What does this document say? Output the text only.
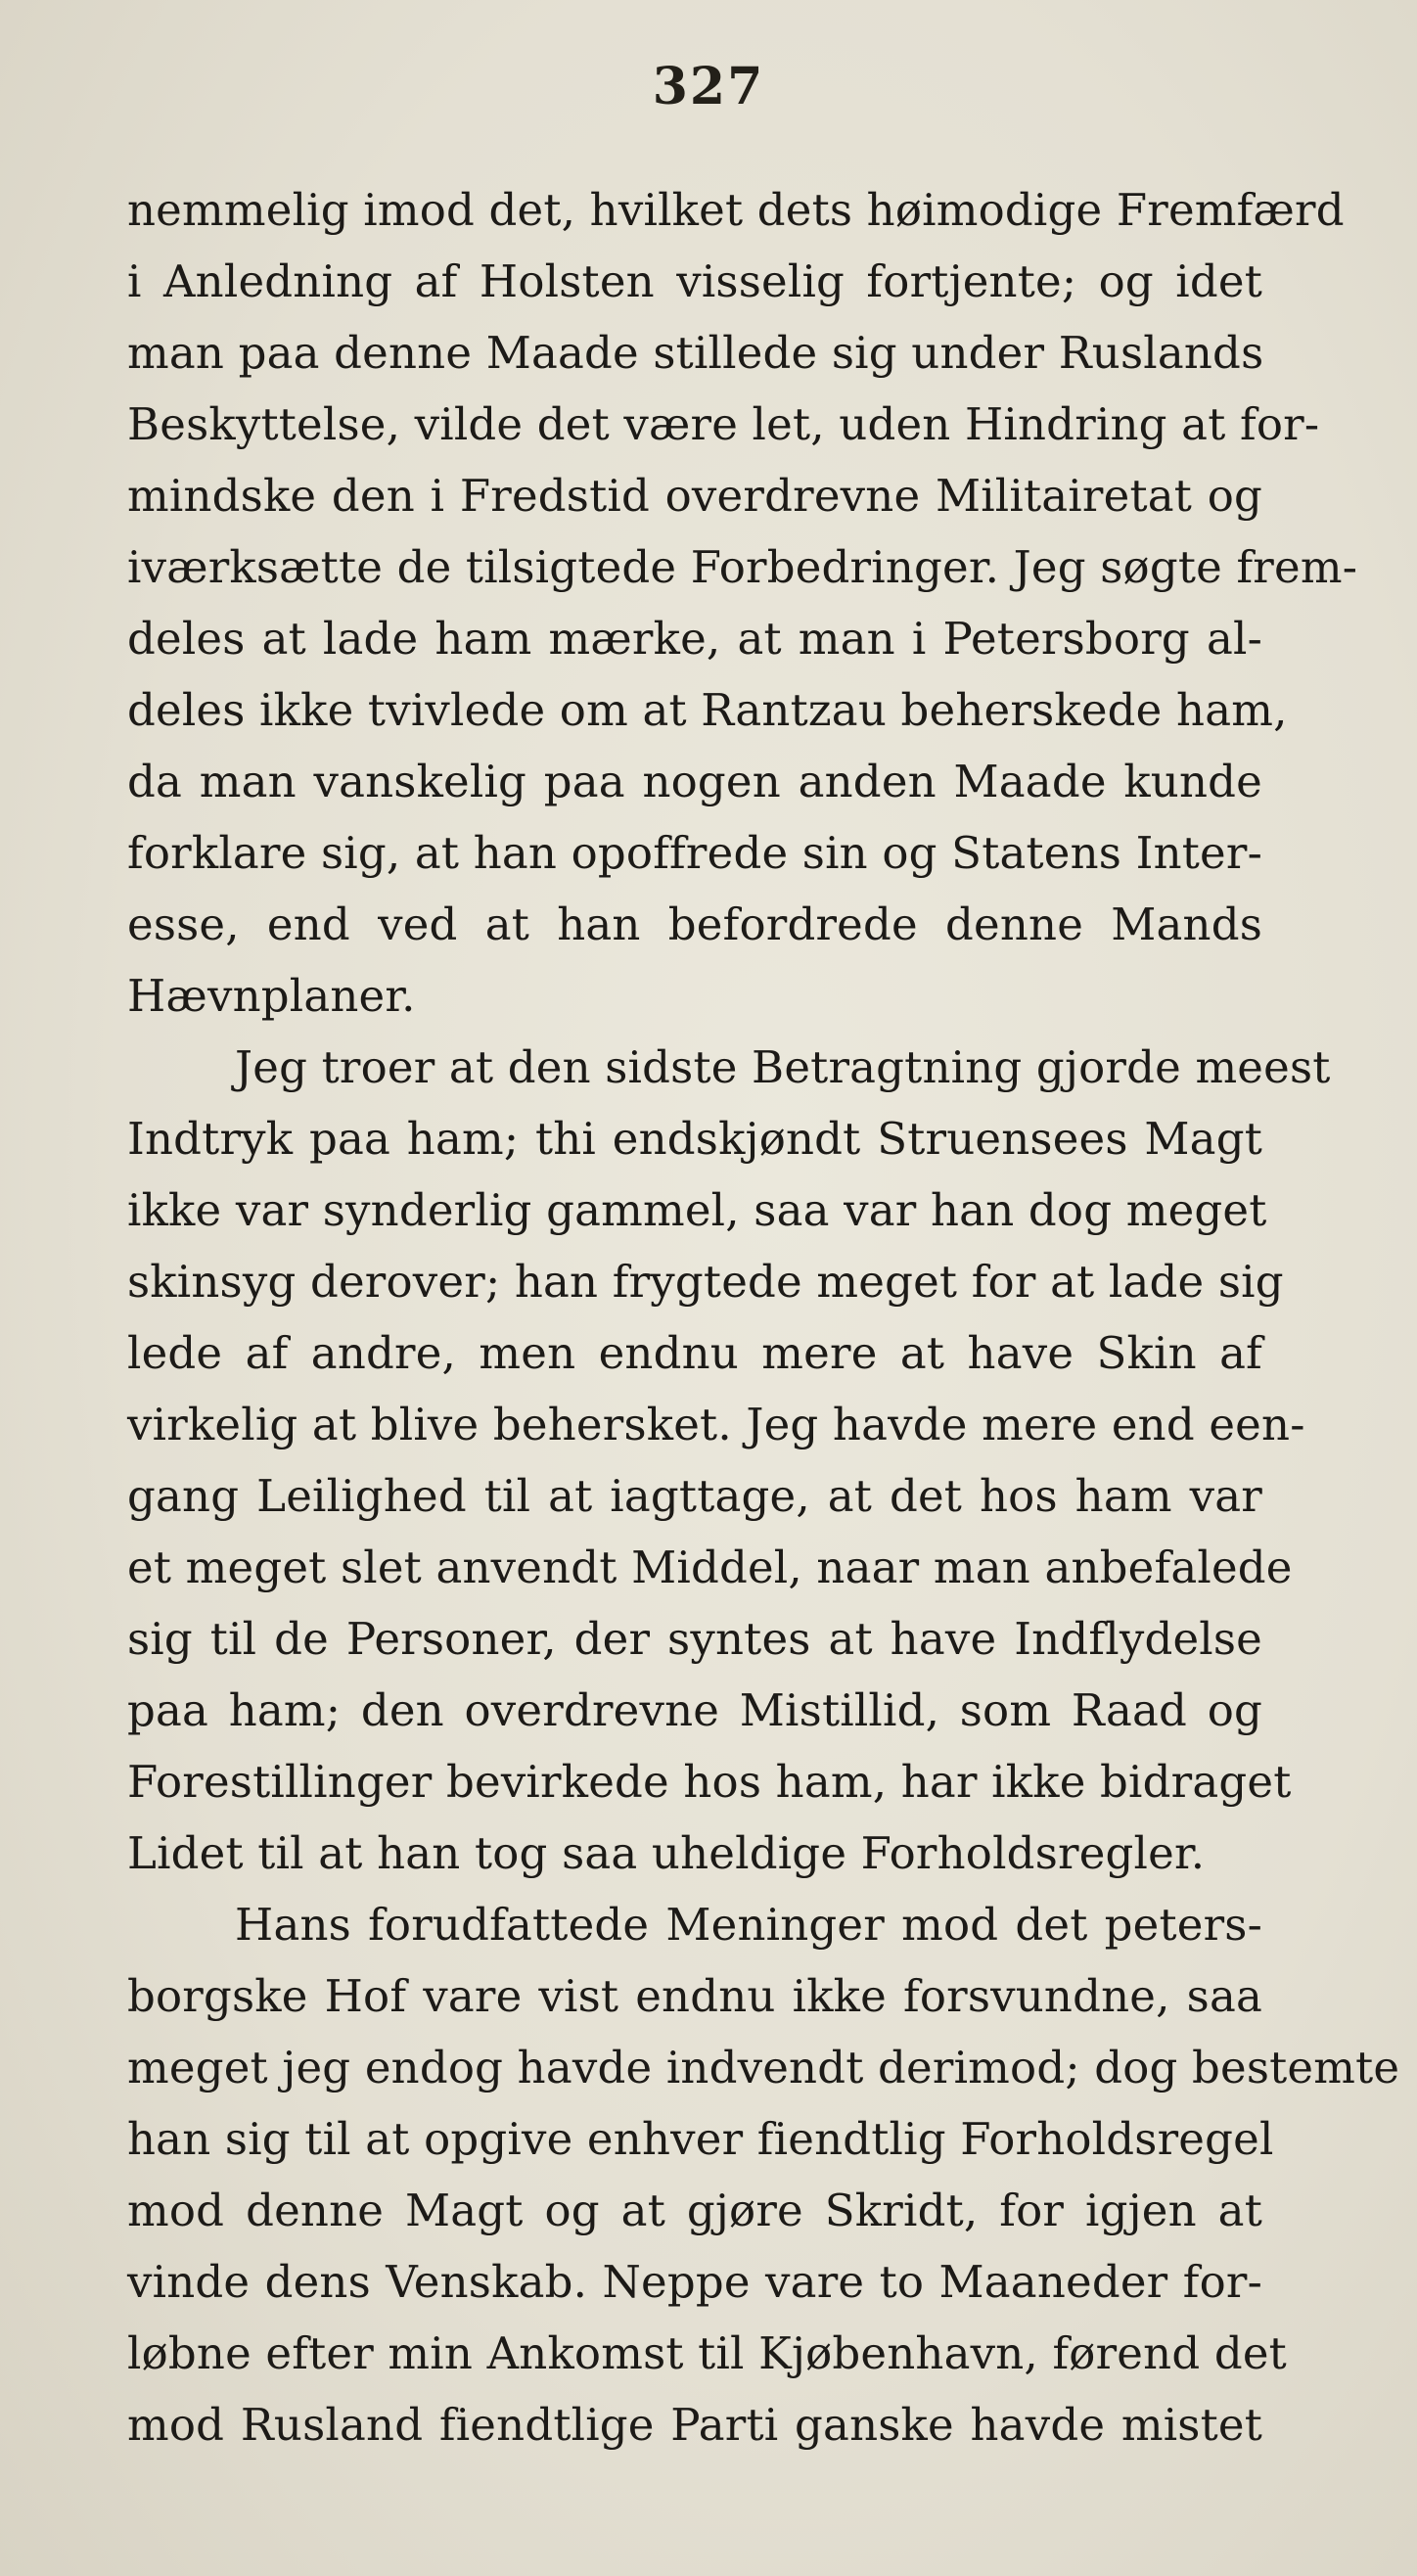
327
nemmelig imod det, hvilket dets høimodige Fremfærd
i Anledning af Holsten visselig fortjente; og idet
man paa denne Maade stillede sig under Ruslands
Beskyttelse, vilde det være let, uden Hindring at for-
mindske den i Fredstid overdrevne Militairetat og
iværksætte de tilsigtede Forbedringer. Jeg søgte frem-
deles at lade ham mærke, at man i Petersborg al-
deles ikke tvivlede om at Rantzau beherskede ham,
da man vanskelig paa nogen anden Maade kunde
forklare sig, at han opoffrede sin og Statens Inter-
esse, end ved at han befordrede denne Mands
Hævnplaner.
Jeg troer at den sidste Betragtning gjorde meest
Indtryk paa ham; thi endskjøndt Struensees Magt
ikke var synderlig gammel, saa var han dog meget
skinsyg derover; han frygtede meget for at lade sig
lede af andre, men endnu mere at have Skin af
virkelig at blive behersket. Jeg havde mere end een-
gang Leilighed til at iagttage, at det hos ham var
et meget slet anvendt Middel, naar man anbefalede
sig til de Personer, der syntes at have Indflydelse
paa ham; den overdrevne Mistillid, som Raad og
Forestillinger bevirkede hos ham, har ikke bidraget
Lidet til at han tog saa uheldige Forholdsregler.
Hans forudfattede Meninger mod det peters-
borgske Hof vare vist endnu ikke forsvundne, saa
meget jeg endog havde indvendt derimod; dog bestemte
han sig til at opgive enhver fiendtlig Forholdsregel
mod denne Magt og at gjøre Skridt, for igjen at
vinde dens Venskab. Neppe vare to Maaneder for-
løbne efter min Ankomst til Kjøbenhavn, førend det
mod Rusland fiendtlige Parti ganske havde mistet
